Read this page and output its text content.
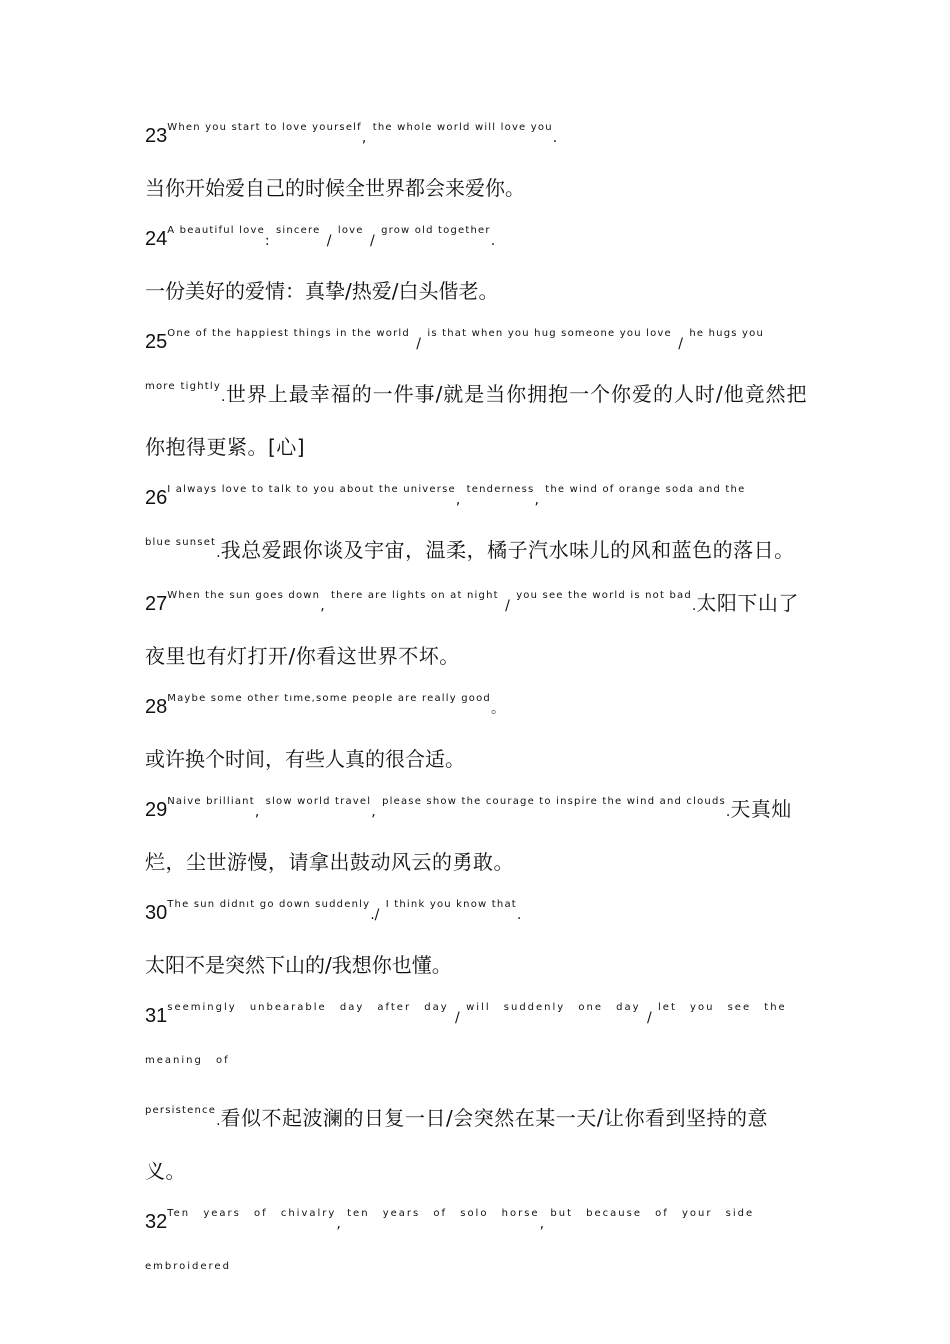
$23^{When you start to love yourself}$, $^{the whole world will love you}$.
当你开始爱自己的时候全世界都会来爱你。
$24^{A beautiful love}$: $^{sincere}$ / $^{love}$ / $^{grow old together}$.
一份美好的爱情：真挚/热爱/白头偕老。
$25^{One of the happiest things in the world} / ^{is that when you hug someone you love} / ^{he hugs you}$
$^{more tightly}$.世界上最幸福的一件事/就是当你拥抱一个你爱的人时/他竟然把你抱得更紧。[心]
$26^{I always love to talk to you about the universe}$, $^{tenderness}$, $^{the wind of orange soda and the}$
$^{blue sunset}$.我总爱跟你谈及宇宙，温柔，橘子汽水味儿的风和蓝色的落日。
$27^{When the sun goes down}$, $^{there are lights on at night}$ / $^{you see the world is not bad}$.太阳下山了夜里也有灯打开/你看这世界不坏。
$28^{Maybe some other tıme,some people are really good}$。
或许换个时间，有些人真的很合适。
$29^{Naive brilliant}$, $^{slow world travel}$, $^{please show the courage to inspire the wind and clouds}$.天真灿烂，尘世游慢，请拿出鼓动风云的勇敢。
$30^{The sun didnıt go down suddenly}./$ $^{I think you know that}$.
太阳不是突然下山的/我想你也懂。
$31^{seemingly unbearable day after day} / ^{will suddenly one day} / ^{let you see the meaning of}$
$^{persistence}$.看似不起波澜的日复一日/会突然在某一天/让你看到坚持的意义。
$32^{Ten years of chivalry}$, $^{ten years of solo horse}$, $^{but because of your side embroidered}$
